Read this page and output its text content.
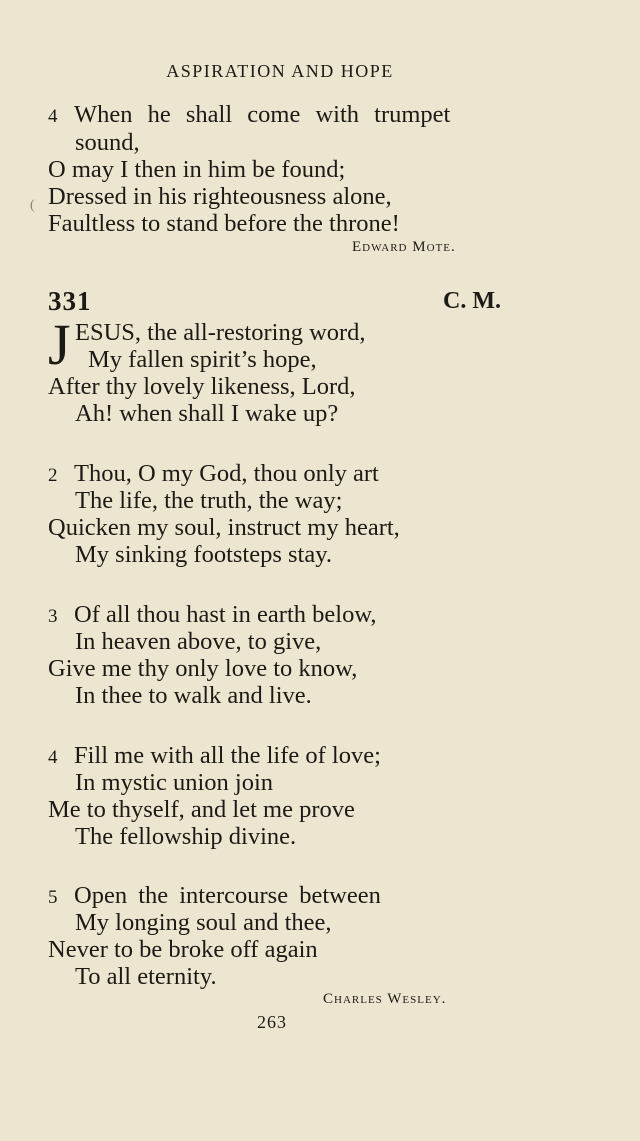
ASPIRATION AND HOPE
4 When he shall come with trumpet
sound,
O may I then in him be found;
( Dressed in his righteousness alone,
Faultless to stand before the throne!
Edward Mote.
331	C. M.
J ESUS, the all-restoring word,
My fallen spirit’s hope,
After thy lovely likeness, Lord,
Ah! when shall I wake up?
2 Thou, O my God, thou only art
The life, the truth, the way;
Quicken my soul, instruct my heart,
My sinking footsteps stay.
3 Of all thou hast in earth below,
In heaven above, to give,
Give me thy only love to know,
In thee to walk and live.
4 Fill me with all the life of love;
In mystic union join
Me to thyself, and let me prove
The fellowship divine.
5 Open the intercourse between
My longing soul and thee,
Never to be broke off again
To all eternity.
Charles Wesley.
263
